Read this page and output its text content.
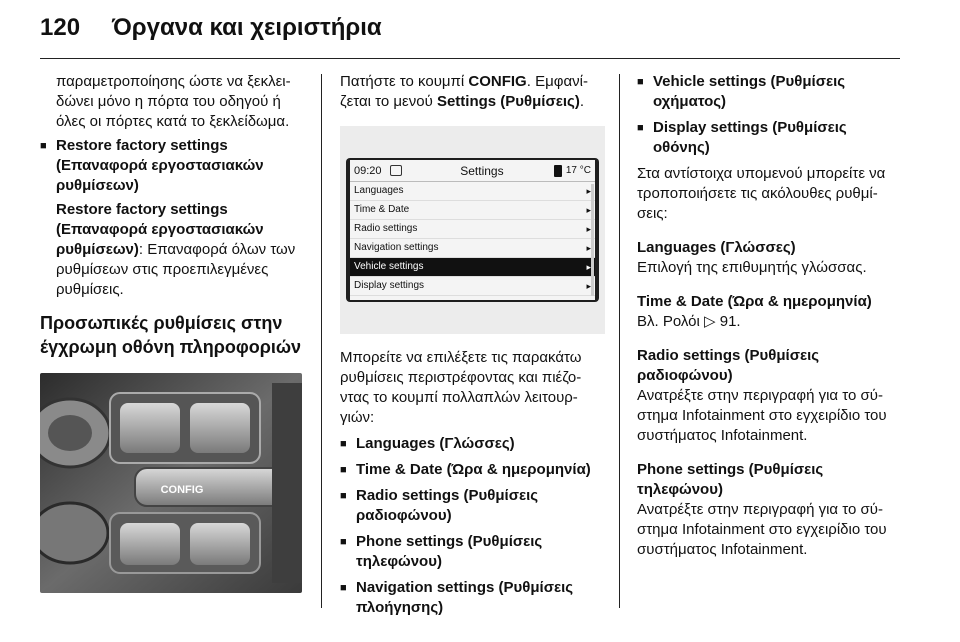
120 Όργανα και χειριστήρια

παραμετροποίησης ώστε να ξεκλει-

δώνει μόνο η πόρτα του οδηγού ή

όλες οι πόρτες κατά το ξεκλείδωμα.

■ Restore factory settings

(Επαναφορά εργοστασιακών

ρυθμίσεων)

Restore factory settings

(Επαναφορά εργοστασιακών

ρυθμίσεων): Επαναφορά όλων των

ρυθμίσεων στις προεπιλεγμένες

ρυθμίσεις.

Προσωπικές ρυθμίσεις στην

έγχρωμη οθόνη πληροφοριών

CONFIG

Πατήστε το κουμπί CONFIG. Εμφανί-

ζεται το μενού Settings (Ρυθμίσεις).

09:20	Settings	17 °C
Languages	▸
Time & Date	▸
Radio settings	▸
Navigation settings	▸
Vehicle settings	▸
Display settings	▸

Μπορείτε να επιλέξετε τις παρακάτω

ρυθμίσεις περιστρέφοντας και πιέζο-

ντας το κουμπί πολλαπλών λειτουρ-

γιών:

■ Languages (Γλώσσες)

■ Time & Date (Ώρα & ημερομηνία)

■ Radio settings (Ρυθμίσεις

ραδιοφώνου)

■ Phone settings (Ρυθμίσεις

τηλεφώνου)

■ Navigation settings (Ρυθμίσεις

πλοήγησης)

■ Vehicle settings (Ρυθμίσεις

οχήματος)

■ Display settings (Ρυθμίσεις

οθόνης)

Στα αντίστοιχα υπομενού μπορείτε να

τροποποιήσετε τις ακόλουθες ρυθμί-

σεις:

Languages (Γλώσσες)

Επιλογή της επιθυμητής γλώσσας.

Time & Date (Ώρα & ημερομηνία)

Βλ. Ρολόι ▷ 91.

Radio settings (Ρυθμίσεις

ραδιοφώνου)

Ανατρέξτε στην περιγραφή για το σύ-

στημα Infotainment στο εγχειρίδιο του

συστήματος Infotainment.

Phone settings (Ρυθμίσεις

τηλεφώνου)

Ανατρέξτε στην περιγραφή για το σύ-

στημα Infotainment στο εγχειρίδιο του

συστήματος Infotainment.
